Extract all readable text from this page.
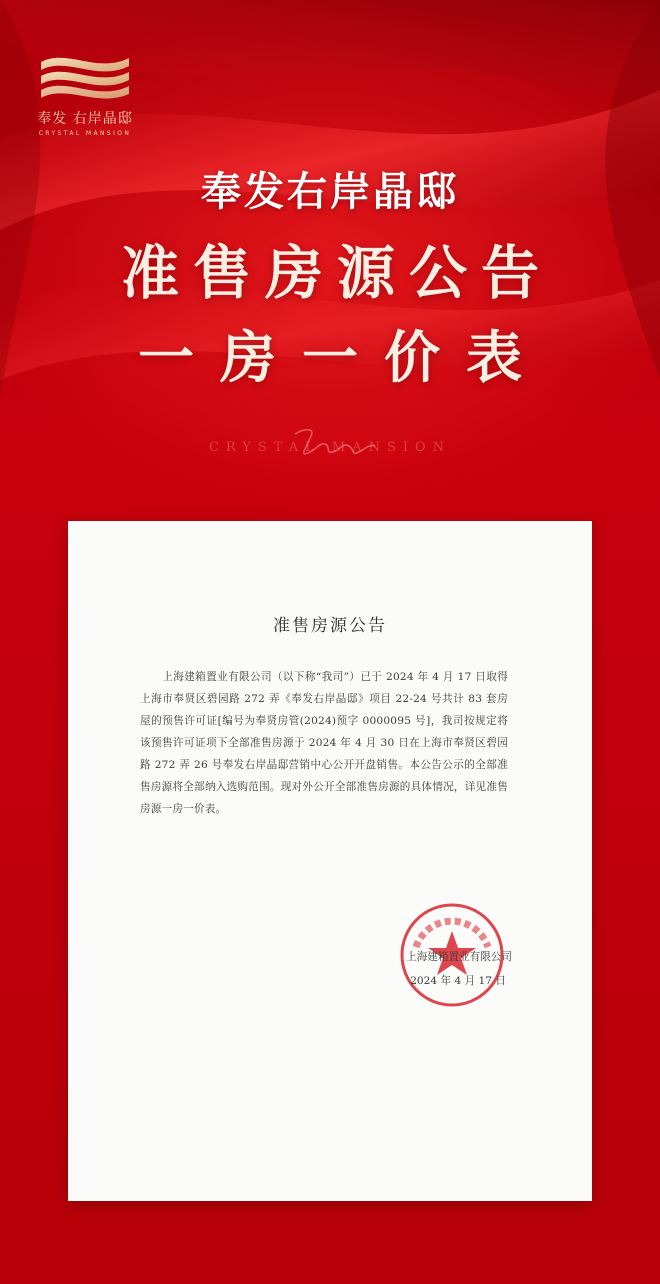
奉发 右岸晶邸
CRYSTAL MANSION
奉发右岸晶邸
准售房源公告
一房一价表
CRYSTAL MANSION
准售房源公告
上海建箱置业有限公司（以下称“我司”）已于 2024 年 4 月 17 日取得上海市奉贤区碧园路 272 弄《奉发右岸晶邸》项目 22-24 号共计 83 套房屋的预售许可证[编号为奉贤房管(2024)预字 0000095 号]，我司按规定将该预售许可证项下全部准售房源于 2024 年 4 月 30 日在上海市奉贤区碧园路 272 弄 26 号奉发右岸晶邸营销中心公开开盘销售。本公告公示的全部准售房源将全部纳入选购范围。现对外公开全部准售房源的具体情况，详见准售房源一房一价表。
上海建箱置业有限公司
2024 年 4 月 17 日
